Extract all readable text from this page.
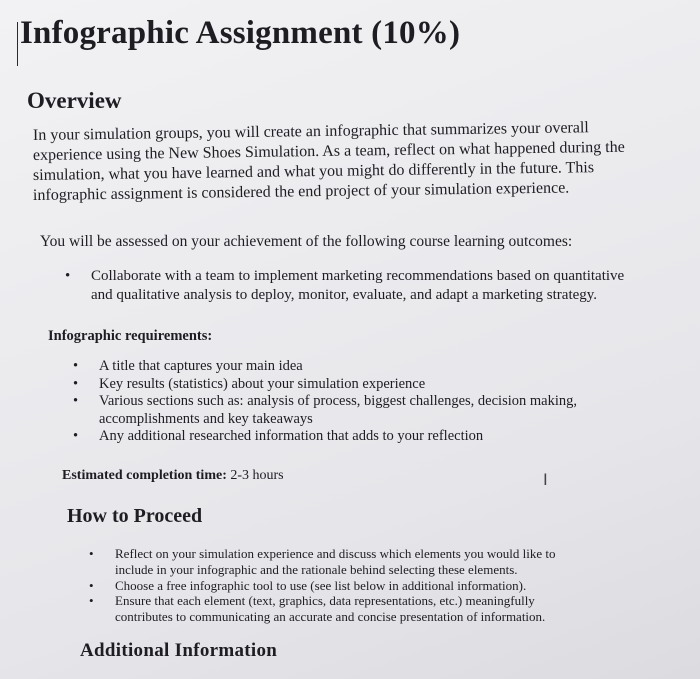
Infographic Assignment (10%)
Overview

In your simulation groups, you will create an infographic that summarizes your overall

experience using the New Shoes Simulation. As a team, reflect on what happened during the

simulation, what you have learned and what you might do differently in the future. This

infographic assignment is considered the end project of your simulation experience.

You will be assessed on your achievement of the following course learning outcomes:

• Collaborate with a team to implement marketing recommendations based on quantitative
and qualitative analysis to deploy, monitor, evaluate, and adapt a marketing strategy.

Infographic requirements:

• A title that captures your main idea
• Key results (statistics) about your simulation experience
• Various sections such as: analysis of process, biggest challenges, decision making,
accomplishments and key takeaways
• Any additional researched information that adds to your reflection

Estimated completion time: 2-3 hours	I
How to Proceed
• Reflect on your simulation experience and discuss which elements you would like to
include in your infographic and the rationale behind selecting these elements.
• Choose a free infographic tool to use (see list below in additional information).
• Ensure that each element (text, graphics, data representations, etc.) meaningfully
contributes to communicating an accurate and concise presentation of information.
Additional Information
